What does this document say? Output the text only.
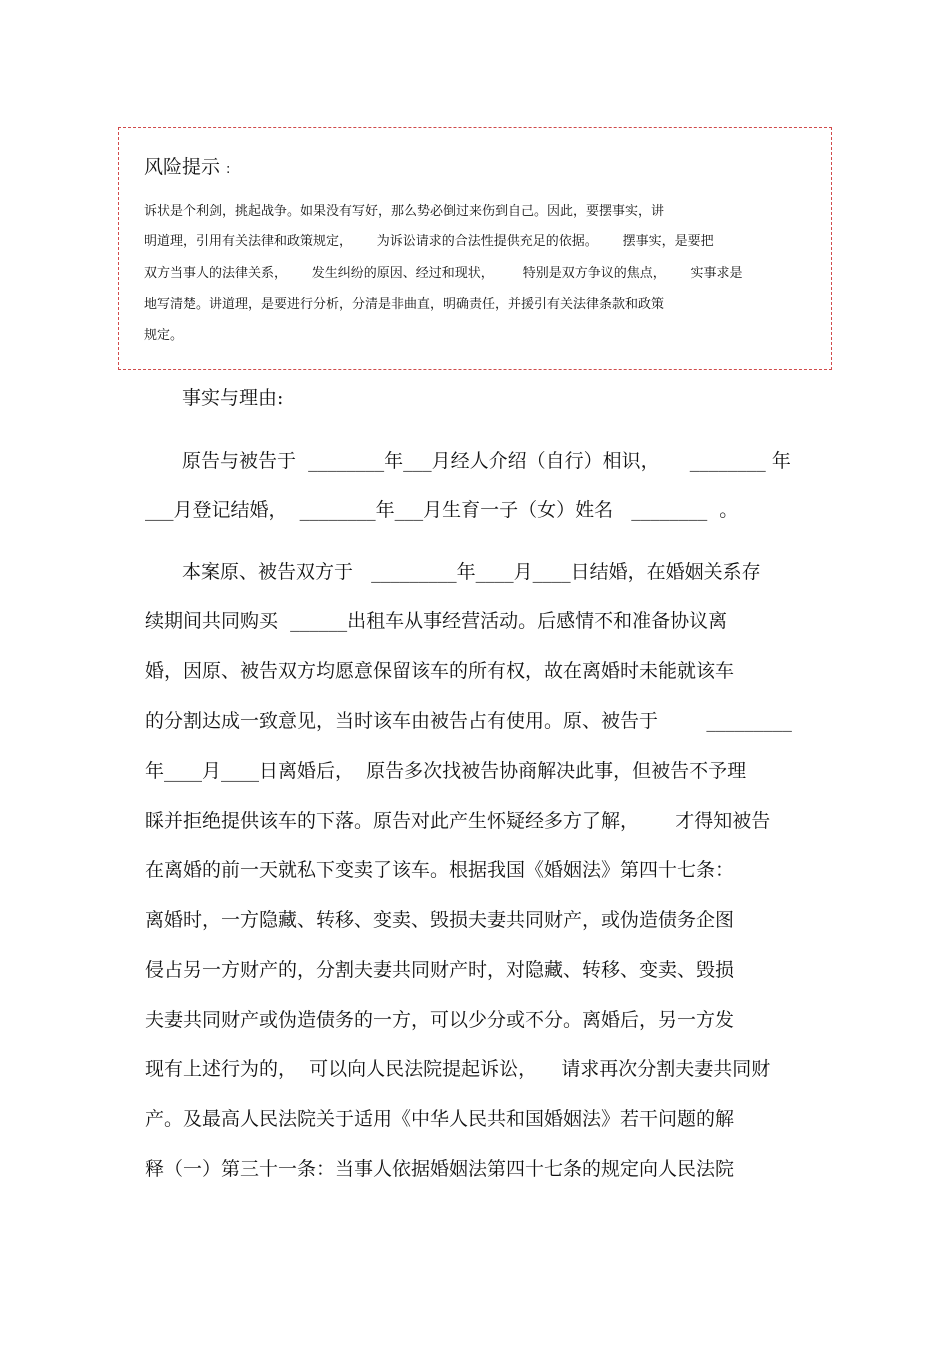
风险提示 :
诉状是个利剑，挑起战争。如果没有写好，那么势必倒过来伤到自己。因此，要摆事实，讲
明道理，引用有关法律和政策规定，      为诉讼请求的合法性提供充足的依据。      摆事实，是要把
双方当事人的法律关系，      发生纠纷的原因、经过和现状，       特别是双方争议的焦点，      实事求是
地写清楚。讲道理，是要进行分析，分清是非曲直，明确责任，并援引有关法律条款和政策
规定。
事实与理由:
原告与被告于  ________年___月经人介绍（自行）相识，     ________ 年
___月登记结婚，  ________年___月生育一子（女）姓名   ________  。
本案原、被告双方于   _________年____月____日结婚，在婚姻关系存
续期间共同购买  ______出租车从事经营活动。后感情不和准备协议离
婚，因原、被告双方均愿意保留该车的所有权，故在离婚时未能就该车
的分割达成一致意见，当时该车由被告占有使用。原、被告于        _________
年____月____日离婚后，  原告多次找被告协商解决此事，但被告不予理
睬并拒绝提供该车的下落。原告对此产生怀疑经多方了解，      才得知被告
在离婚的前一天就私下变卖了该车。根据我国《婚姻法》第四十七条：
离婚时，一方隐藏、转移、变卖、毁损夫妻共同财产，或伪造债务企图
侵占另一方财产的，分割夫妻共同财产时，对隐藏、转移、变卖、毁损
夫妻共同财产或伪造债务的一方，可以少分或不分。离婚后，另一方发
现有上述行为的，  可以向人民法院提起诉讼，    请求再次分割夫妻共同财
产。及最高人民法院关于适用《中华人民共和国婚姻法》若干问题的解
释（一）第三十一条：当事人依据婚姻法第四十七条的规定向人民法院
